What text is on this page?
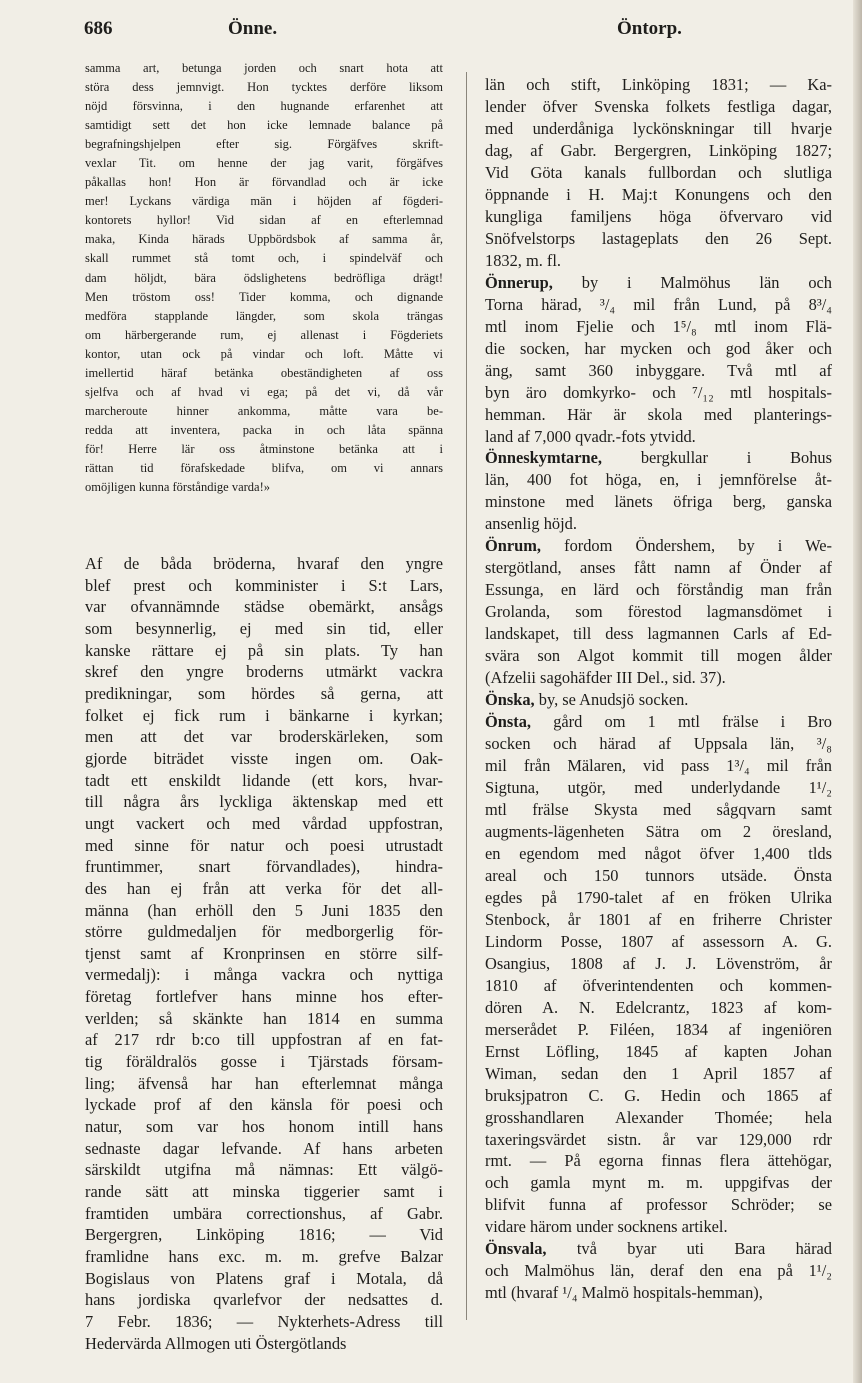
686	Önne.	Öntorp.

samma art, betunga jorden och snart hota att

störa dess jemnvigt. Hon tycktes derföre liksom

nöjd försvinna, i den hugnande erfarenhet att

samtidigt sett det hon icke lemnade balance på

begrafningshjelpen efter sig. Förgäfves skrift-

vexlar Tit. om henne der jag varit, förgäfves

påkallas hon! Hon är förvandlad och är icke

mer! Lyckans värdiga män i höjden af fögderi-

kontorets hyllor! Vid sidan af en efterlemnad

maka, Kinda härads Uppbördsbok af samma år,

skall rummet stå tomt och, i spindelväf och

dam höljdt, bära ödslighetens bedröfliga drägt!

Men tröstom oss! Tider komma, och dignande

medföra stapplande längder, som skola trängas

om härbergerande rum, ej allenast i Fögderiets

kontor, utan ock på vindar och loft. Måtte vi

imellertid häraf betänka obeständigheten af oss

sjelfva och af hvad vi ega; på det vi, då vår

marcheroute hinner ankomma, måtte vara be-

redda att inventera, packa in och låta spänna

för! Herre lär oss åtminstone betänka att i

rättan tid förafskedade blifva, om vi annars

omöjligen kunna förståndige varda!»

Af de båda bröderna, hvaraf den yngre

blef prest och komminister i S:t Lars,

var ofvannämnde städse obemärkt, ansågs

som besynnerlig, ej med sin tid, eller

kanske rättare ej på sin plats. Ty han

skref den yngre broderns utmärkt vackra

predikningar, som hördes så gerna, att

folket ej fick rum i bänkarne i kyrkan;

men att det var broderskärleken, som

gjorde biträdet visste ingen om. Oak-

tadt ett enskildt lidande (ett kors, hvar-

till några års lyckliga äktenskap med ett

ungt vackert och med vårdad uppfostran,

med sinne för natur och poesi utrustadt

fruntimmer, snart förvandlades), hindra-

des han ej från att verka för det all-

männa (han erhöll den 5 Juni 1835 den

större guldmedaljen för medborgerlig för-

tjenst samt af Kronprinsen en större silf-

vermedalj): i många vackra och nyttiga

företag fortlefver hans minne hos efter-

verlden; så skänkte han 1814 en summa

af 217 rdr b:co till uppfostran af en fat-

tig föräldralös gosse i Tjärstads försam-

ling; äfvenså har han efterlemnat många

lyckade prof af den känsla för poesi och

natur, som var hos honom intill hans

sednaste dagar lefvande. Af hans arbeten

särskildt utgifna må nämnas: Ett välgö-

rande sätt att minska tiggerier samt i

framtiden umbära correctionshus, af Gabr.

Bergergren, Linköping 1816; — Vid

framlidne hans exc. m. m. grefve Balzar

Bogislaus von Platens graf i Motala, då

hans jordiska qvarlefvor der nedsattes d.

7 Febr. 1836; — Nykterhets-Adress till

Hedervärda Allmogen uti Östergötlands

län och stift, Linköping 1831; — Ka-

lender öfver Svenska folkets festliga dagar,

med underdåniga lyckönskningar till hvarje

dag, af Gabr. Bergergren, Linköping 1827;

Vid Göta kanals fullbordan och slutliga

öppnande i H. Maj:t Konungens och den

kungliga familjens höga öfvervaro vid

Snöfvelstorps lastageplats den 26 Sept.

1832, m. fl.

Önnerup, by i Malmöhus län och

Torna härad, ³/₄ mil från Lund, på 8³/₄

mtl inom Fjelie och 1⁵/₈ mtl inom Flä-

die socken, har mycken och god åker och

äng, samt 360 inbyggare. Två mtl af

byn äro domkyrko- och ⁷/₁₂ mtl hospitals-

hemman. Här är skola med planterings-

land af 7,000 qvadr.-fots ytvidd.

Önneskymtarne, bergkullar i Bohus

län, 400 fot höga, en, i jemnförelse åt-

minstone med länets öfriga berg, ganska

ansenlig höjd.

Önrum, fordom Öndershem, by i We-

stergötland, anses fått namn af Önder af

Essunga, en lärd och förståndig man från

Grolanda, som förestod lagmansdömet i

landskapet, till dess lagmannen Carls af Ed-

svära son Algot kommit till mogen ålder

(Afzelii sagohäfder III Del., sid. 37).

Önska, by, se Anudsjö socken.

Önsta, gård om 1 mtl frälse i Bro

socken och härad af Uppsala län, ³/₈

mil från Mälaren, vid pass 1³/₄ mil från

Sigtuna, utgör, med underlydande 1¹/₂

mtl frälse Skysta med sågqvarn samt

augments-lägenheten Sätra om 2 öresland,

en egendom med något öfver 1,400 tlds

areal och 150 tunnors utsäde. Önsta

egdes på 1790-talet af en fröken Ulrika

Stenbock, år 1801 af en friherre Christer

Lindorm Posse, 1807 af assessorn A. G.

Osangius, 1808 af J. J. Lövenström, år

1810 af öfverintendenten och kommen-

dören A. N. Edelcrantz, 1823 af kom-

merserådet P. Filéen, 1834 af ingeniören

Ernst Löfling, 1845 af kapten Johan

Wiman, sedan den 1 April 1857 af

bruksjpatron C. G. Hedin och 1865 af

grosshandlaren Alexander Thomée; hela

taxeringsvärdet sistn. år var 129,000 rdr

rmt. — På egorna finnas flera ättehögar,

och gamla mynt m. m. uppgifvas der

blifvit funna af professor Schröder; se

vidare härom under socknens artikel.

Önsvala, två byar uti Bara härad

och Malmöhus län, deraf den ena på 1¹/₂

mtl (hvaraf ¹/₄ Malmö hospitals-hemman),
